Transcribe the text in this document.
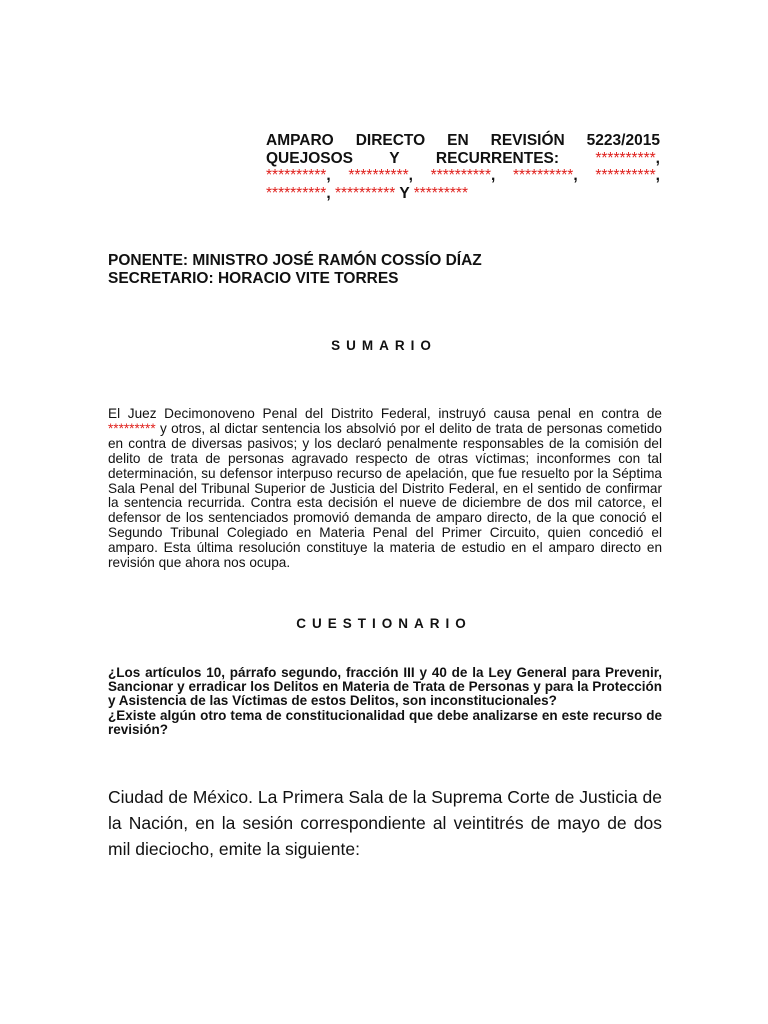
AMPARO DIRECTO EN REVISIÓN 5223/2015
QUEJOSOS Y RECURRENTES: **********,
**********, **********, **********, **********, **********,
**********, ********** Y *********
PONENTE: MINISTRO JOSÉ RAMÓN COSSÍO DÍAZ
SECRETARIO: HORACIO VITE TORRES
SUMARIO
El Juez Decimonoveno Penal del Distrito Federal, instruyó causa penal en contra de ********* y otros, al dictar sentencia los absolvió por el delito de trata de personas cometido en contra de diversas pasivos; y los declaró penalmente responsables de la comisión del delito de trata de personas agravado respecto de otras víctimas; inconformes con tal determinación, su defensor interpuso recurso de apelación, que fue resuelto por la Séptima Sala Penal del Tribunal Superior de Justicia del Distrito Federal, en el sentido de confirmar la sentencia recurrida. Contra esta decisión el nueve de diciembre de dos mil catorce, el defensor de los sentenciados promovió demanda de amparo directo, de la que conoció el Segundo Tribunal Colegiado en Materia Penal del Primer Circuito, quien concedió el amparo. Esta última resolución constituye la materia de estudio en el amparo directo en revisión que ahora nos ocupa.
CUESTIONARIO

¿Los artículos 10, párrafo segundo, fracción III y 40 de la Ley General para Prevenir, Sancionar y erradicar los Delitos en Materia de Trata de Personas y para la Protección y Asistencia de las Víctimas de estos Delitos, son inconstitucionales?

¿Existe algún otro tema de constitucionalidad que debe analizarse en este recurso de revisión?

Ciudad de México. La Primera Sala de la Suprema Corte de Justicia de la Nación, en la sesión correspondiente al veintitrés de mayo de dos mil dieciocho, emite la siguiente:
